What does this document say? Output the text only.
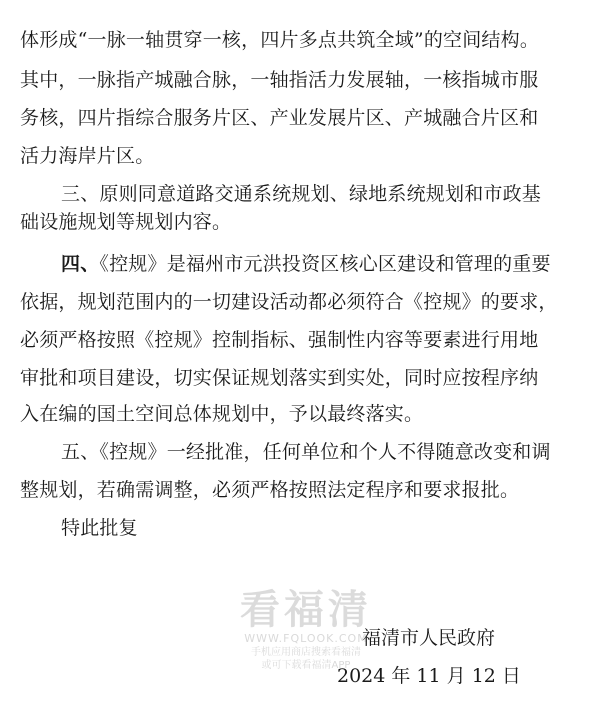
体形成“一脉一轴贯穿一核，四片多点共筑全域”的空间结构。
其中，一脉指产城融合脉，一轴指活力发展轴，一核指城市服
务核，四片指综合服务片区、产业发展片区、产城融合片区和
活力海岸片区。
三、原则同意道路交通系统规划、绿地系统规划和市政基
础设施规划等规划内容。
四、《控规》是福州市元洪投资区核心区建设和管理的重要
依据，规划范围内的一切建设活动都必须符合《控规》的要求，
必须严格按照《控规》控制指标、强制性内容等要素进行用地
审批和项目建设，切实保证规划落实到实处，同时应按程序纳
入在编的国土空间总体规划中，予以最终落实。
五、《控规》一经批准，任何单位和个人不得随意改变和调
整规划，若确需调整，必须严格按照法定程序和要求报批。
特此批复
福清市人民政府
2024 年 11 月 12 日
看福清
WWW.FQLOOK.COM
手机应用商店搜索看福清
或可下载看福清APP
